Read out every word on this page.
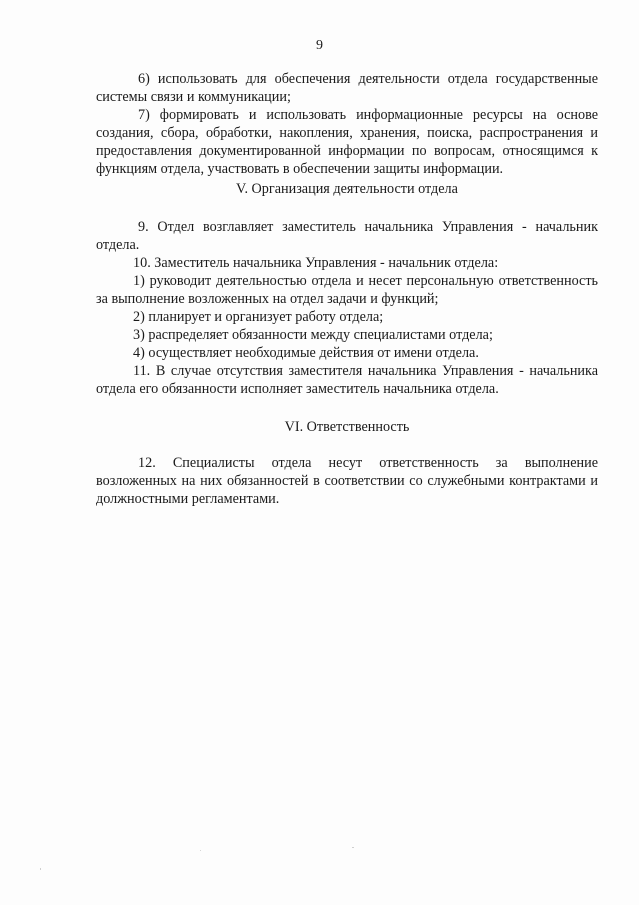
9

6) использовать для обеспечения деятельности отдела государственные системы связи и коммуникации;

7) формировать и использовать информационные ресурсы на основе создания, сбора, обработки, накопления, хранения, поиска, распространения и предоставления документированной информации по вопросам, относящимся к функциям отдела, участвовать в обеспечении защиты информации.

V. Организация деятельности отдела

9. Отдел возглавляет заместитель начальника Управления - начальник отдела.

10. Заместитель начальника Управления - начальник отдела:

1) руководит деятельностью отдела и несет персональную ответственность за выполнение возложенных на отдел задачи и функций;

2) планирует и организует работу отдела;

3) распределяет обязанности между специалистами отдела;

4) осуществляет необходимые действия от имени отдела.

11. В случае отсутствия заместителя начальника Управления - начальника отдела его обязанности исполняет заместитель начальника отдела.

VI. Ответственность

12. Специалисты отдела несут ответственность за выполнение возложенных на них обязанностей в соответствии со служебными контрактами и должностными регламентами.
